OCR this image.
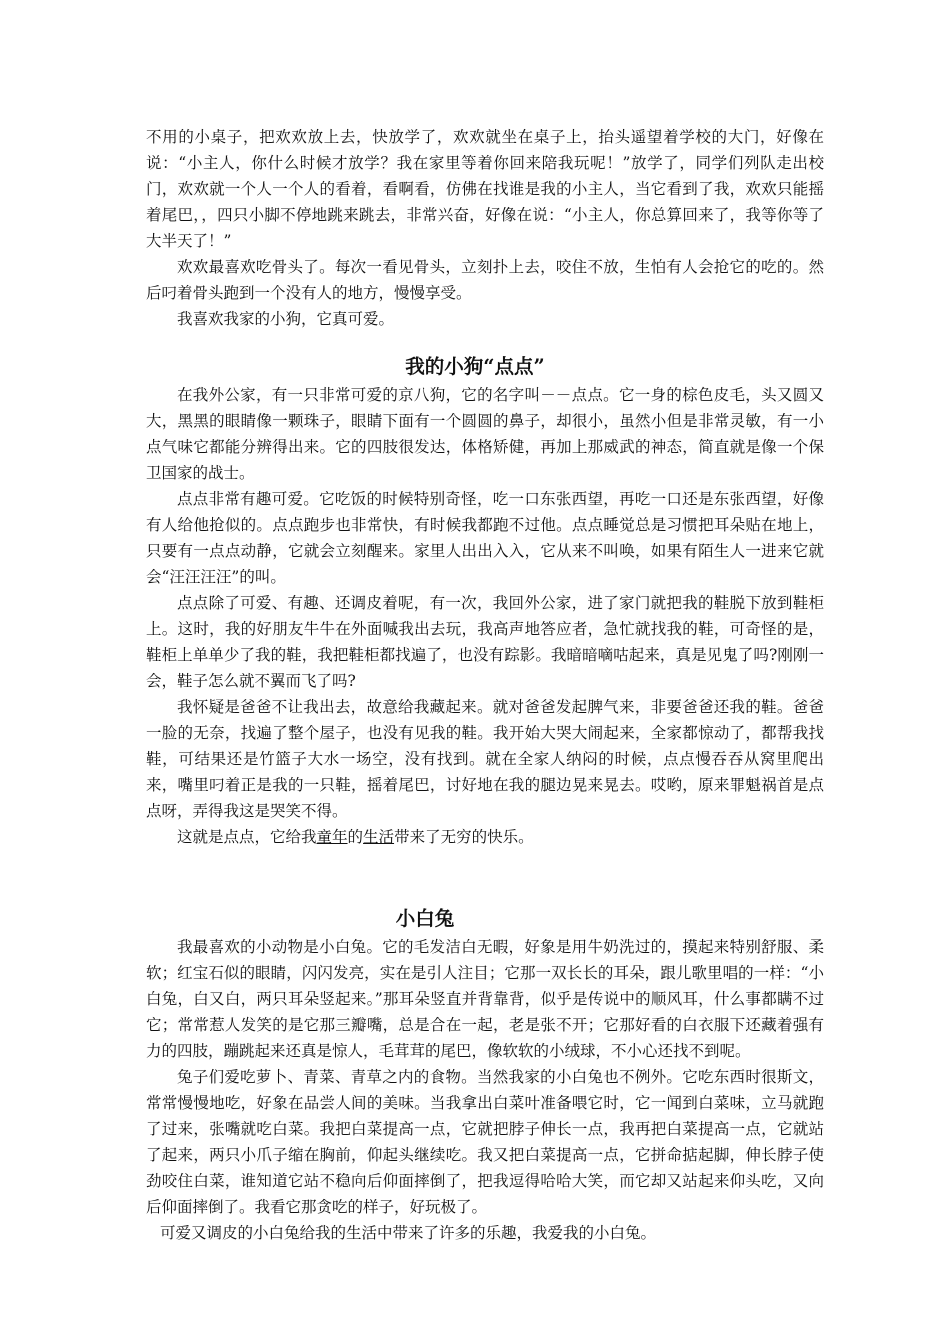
不用的小桌子，把欢欢放上去，快放学了，欢欢就坐在桌子上，抬头遥望着学校的大门，好像在说：“小主人，你什么时候才放学？我在家里等着你回来陪我玩呢！”放学了，同学们列队走出校门，欢欢就一个人一个人的看着，看啊看，仿佛在找谁是我的小主人，当它看到了我，欢欢只能摇着尾巴，，四只小脚不停地跳来跳去，非常兴奋，好像在说：“小主人，你总算回来了，我等你等了大半天了！”

欢欢最喜欢吃骨头了。每次一看见骨头，立刻扑上去，咬住不放，生怕有人会抢它的吃的。然后叼着骨头跑到一个没有人的地方，慢慢享受。

我喜欢我家的小狗，它真可爱。

我的小狗“点点”

在我外公家，有一只非常可爱的京八狗，它的名字叫－－点点。它一身的棕色皮毛，头又圆又大，黑黑的眼睛像一颗珠子，眼睛下面有一个圆圆的鼻子，却很小，虽然小但是非常灵敏，有一小点气味它都能分辨得出来。它的四肢很发达，体格矫健，再加上那威武的神态，简直就是像一个保卫国家的战士。

点点非常有趣可爱。它吃饭的时候特别奇怪，吃一口东张西望，再吃一口还是东张西望，好像有人给他抢似的。点点跑步也非常快，有时候我都跑不过他。点点睡觉总是习惯把耳朵贴在地上，只要有一点点动静，它就会立刻醒来。家里人出出入入，它从来不叫唤，如果有陌生人一进来它就会“汪汪汪汪”的叫。

点点除了可爱、有趣、还调皮着呢，有一次，我回外公家，进了家门就把我的鞋脱下放到鞋柜上。这时，我的好朋友牛牛在外面喊我出去玩，我高声地答应者，急忙就找我的鞋，可奇怪的是，鞋柜上单单少了我的鞋，我把鞋柜都找遍了，也没有踪影。我暗暗嘀咕起来，真是见鬼了吗?刚刚一会，鞋子怎么就不翼而飞了吗?

我怀疑是爸爸不让我出去，故意给我藏起来。就对爸爸发起脾气来，非要爸爸还我的鞋。爸爸一脸的无奈，找遍了整个屋子，也没有见我的鞋。我开始大哭大闹起来，全家都惊动了，都帮我找鞋，可结果还是竹篮子大水一场空，没有找到。就在全家人纳闷的时候，点点慢吞吞从窝里爬出来，嘴里叼着正是我的一只鞋，摇着尾巴，讨好地在我的腿边晃来晃去。哎哟，原来罪魁祸首是点点呀，弄得我这是哭笑不得。

这就是点点，它给我童年的生活带来了无穷的快乐。

小白兔

我最喜欢的小动物是小白兔。它的毛发洁白无暇，好象是用牛奶洗过的，摸起来特别舒服、柔软；红宝石似的眼睛，闪闪发亮，实在是引人注目；它那一双长长的耳朵，跟儿歌里唱的一样：“小白兔，白又白，两只耳朵竖起来。”那耳朵竖直并背靠背，似乎是传说中的顺风耳，什么事都瞒不过它；常常惹人发笑的是它那三瓣嘴，总是合在一起，老是张不开；它那好看的白衣服下还藏着强有力的四肢，蹦跳起来还真是惊人，毛茸茸的尾巴，像软软的小绒球，不小心还找不到呢。

兔子们爱吃萝卜、青菜、青草之内的食物。当然我家的小白兔也不例外。它吃东西时很斯文，常常慢慢地吃，好象在品尝人间的美味。当我拿出白菜叶准备喂它时，它一闻到白菜味，立马就跑了过来，张嘴就吃白菜。我把白菜提高一点，它就把脖子伸长一点，我再把白菜提高一点，它就站了起来，两只小爪子缩在胸前，仰起头继续吃。我又把白菜提高一点，它拼命掂起脚，伸长脖子使劲咬住白菜，谁知道它站不稳向后仰面摔倒了，把我逗得哈哈大笑，而它却又站起来仰头吃，又向后仰面摔倒了。我看它那贪吃的样子，好玩极了。

可爱又调皮的小白兔给我的生活中带来了许多的乐趣，我爱我的小白兔。
